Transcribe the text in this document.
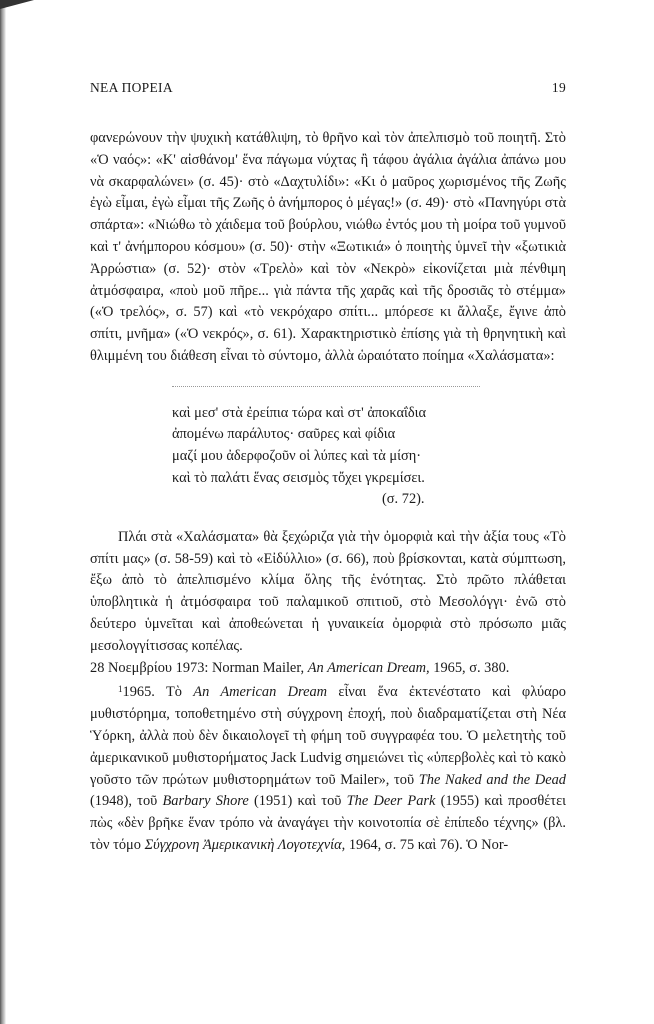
ΝΕΑ ΠΟΡΕΙΑ	19

φανερώνουν τὴν ψυχικὴ κατάθλιψη, τὸ θρῆνο καὶ τὸν ἀπελπισμὸ τοῦ ποιητῆ. Στὸ «Ὁ ναός»: «Κ' αἰσθάνομ' ἕνα πάγωμα νύχτας ἢ τάφου ἀγάλια ἀγάλια ἀπάνω μου νὰ σκαρφαλώνει» (σ. 45)· στὸ «Δαχτυλίδι»: «Κι ὁ μαῦρος χωρισμένος τῆς Ζωῆς ἐγὼ εἶμαι, ἐγὼ εἶμαι τῆς Ζωῆς ὁ ἀνήμπορος ὁ μέγας!» (σ. 49)· στὸ «Πανηγύρι στὰ σπάρτα»: «Νιώθω τὸ χάιδεμα τοῦ βούρλου, νιώθω ἐντός μου τὴ μοίρα τοῦ γυμνοῦ καὶ τ' ἀνήμπορου κόσμου» (σ. 50)· στὴν «Ξωτικιά» ὁ ποιητὴς ὑμνεῖ τὴν «ξωτικιὰ Ἀρρώστια» (σ. 52)· στὸν «Τρελὸ» καὶ τὸν «Νεκρὸ» εἰκονίζεται μιὰ πένθιμη ἀτμόσφαιρα, «ποὺ μοῦ πῆρε... γιὰ πάντα τῆς χαρᾶς καὶ τῆς δροσιᾶς τὸ στέμμα» («Ὁ τρελός», σ. 57) καὶ «τὸ νεκρόχαρο σπίτι... μπόρεσε κι ἄλλαξε, ἔγινε ἀπὸ σπίτι, μνῆμα» («Ὁ νεκρός», σ. 61). Χαρακτηριστικὸ ἐπίσης γιὰ τὴ θρηνητικὴ καὶ θλιμμένη του διάθεση εἶναι τὸ σύντομο, ἀλλὰ ὡραιότατο ποίημα «Χαλάσματα»:

καὶ μεσ' στὰ ἐρείπια τώρα καὶ στ' ἀποκαΐδια
ἀπομένω παράλυτος· σαῦρες καὶ φίδια
μαζί μου ἀδερφοζοῦν οἱ λύπες καὶ τὰ μίση·
καὶ τὸ παλάτι ἕνας σεισμὸς τὄχει γκρεμίσει.
(σ. 72).

Πλάι στὰ «Χαλάσματα» θὰ ξεχώριζα γιὰ τὴν ὀμορφιὰ καὶ τὴν ἀξία τους «Τὸ σπίτι μας» (σ. 58-59) καὶ τὸ «Εἰδύλλιο» (σ. 66), ποὺ βρίσκονται, κατὰ σύμπτωση, ἔξω ἀπὸ τὸ ἀπελπισμένο κλίμα ὅλης τῆς ἑνότητας. Στὸ πρῶτο πλάθεται ὑποβλητικὰ ἡ ἀτμόσφαιρα τοῦ παλαμικοῦ σπιτιοῦ, στὸ Μεσολόγγι· ἐνῶ στὸ δεύτερο ὑμνεῖται καὶ ἀποθεώνεται ἡ γυναικεία ὀμορφιὰ στὸ πρόσωπο μιᾶς μεσολογγίτισσας κοπέλας.

28 Νοεμβρίου 1973: Norman Mailer, An American Dream, 1965, σ. 380.

$^1$1965. Τὸ An American Dream εἶναι ἕνα ἐκτενέστατο καὶ φλύαρο μυθιστόρημα, τοποθετημένο στὴ σύγχρονη ἐποχή, ποὺ διαδραματίζεται στὴ Νέα Ὑόρκη, ἀλλὰ ποὺ δὲν δικαιολογεῖ τὴ φήμη τοῦ συγγραφέα του. Ὁ μελετητὴς τοῦ ἀμερικανικοῦ μυθιστορήματος Jack Ludvig σημειώνει τὶς «ὑπερβολὲς καὶ τὸ κακὸ γοῦστο τῶν πρώτων μυθιστορημάτων τοῦ Mailer», τοῦ The Naked and the Dead (1948), τοῦ Barbary Shore (1951) καὶ τοῦ The Deer Park (1955) καὶ προσθέτει πὼς «δὲν βρῆκε ἕναν τρόπο νὰ ἀναγάγει τὴν κοινοτοπία σὲ ἐπίπεδο τέχνης» (βλ. τὸν τόμο Σύγχρονη Ἀμερικανικὴ Λογοτεχνία, 1964, σ. 75 καὶ 76). Ὁ Nor-
